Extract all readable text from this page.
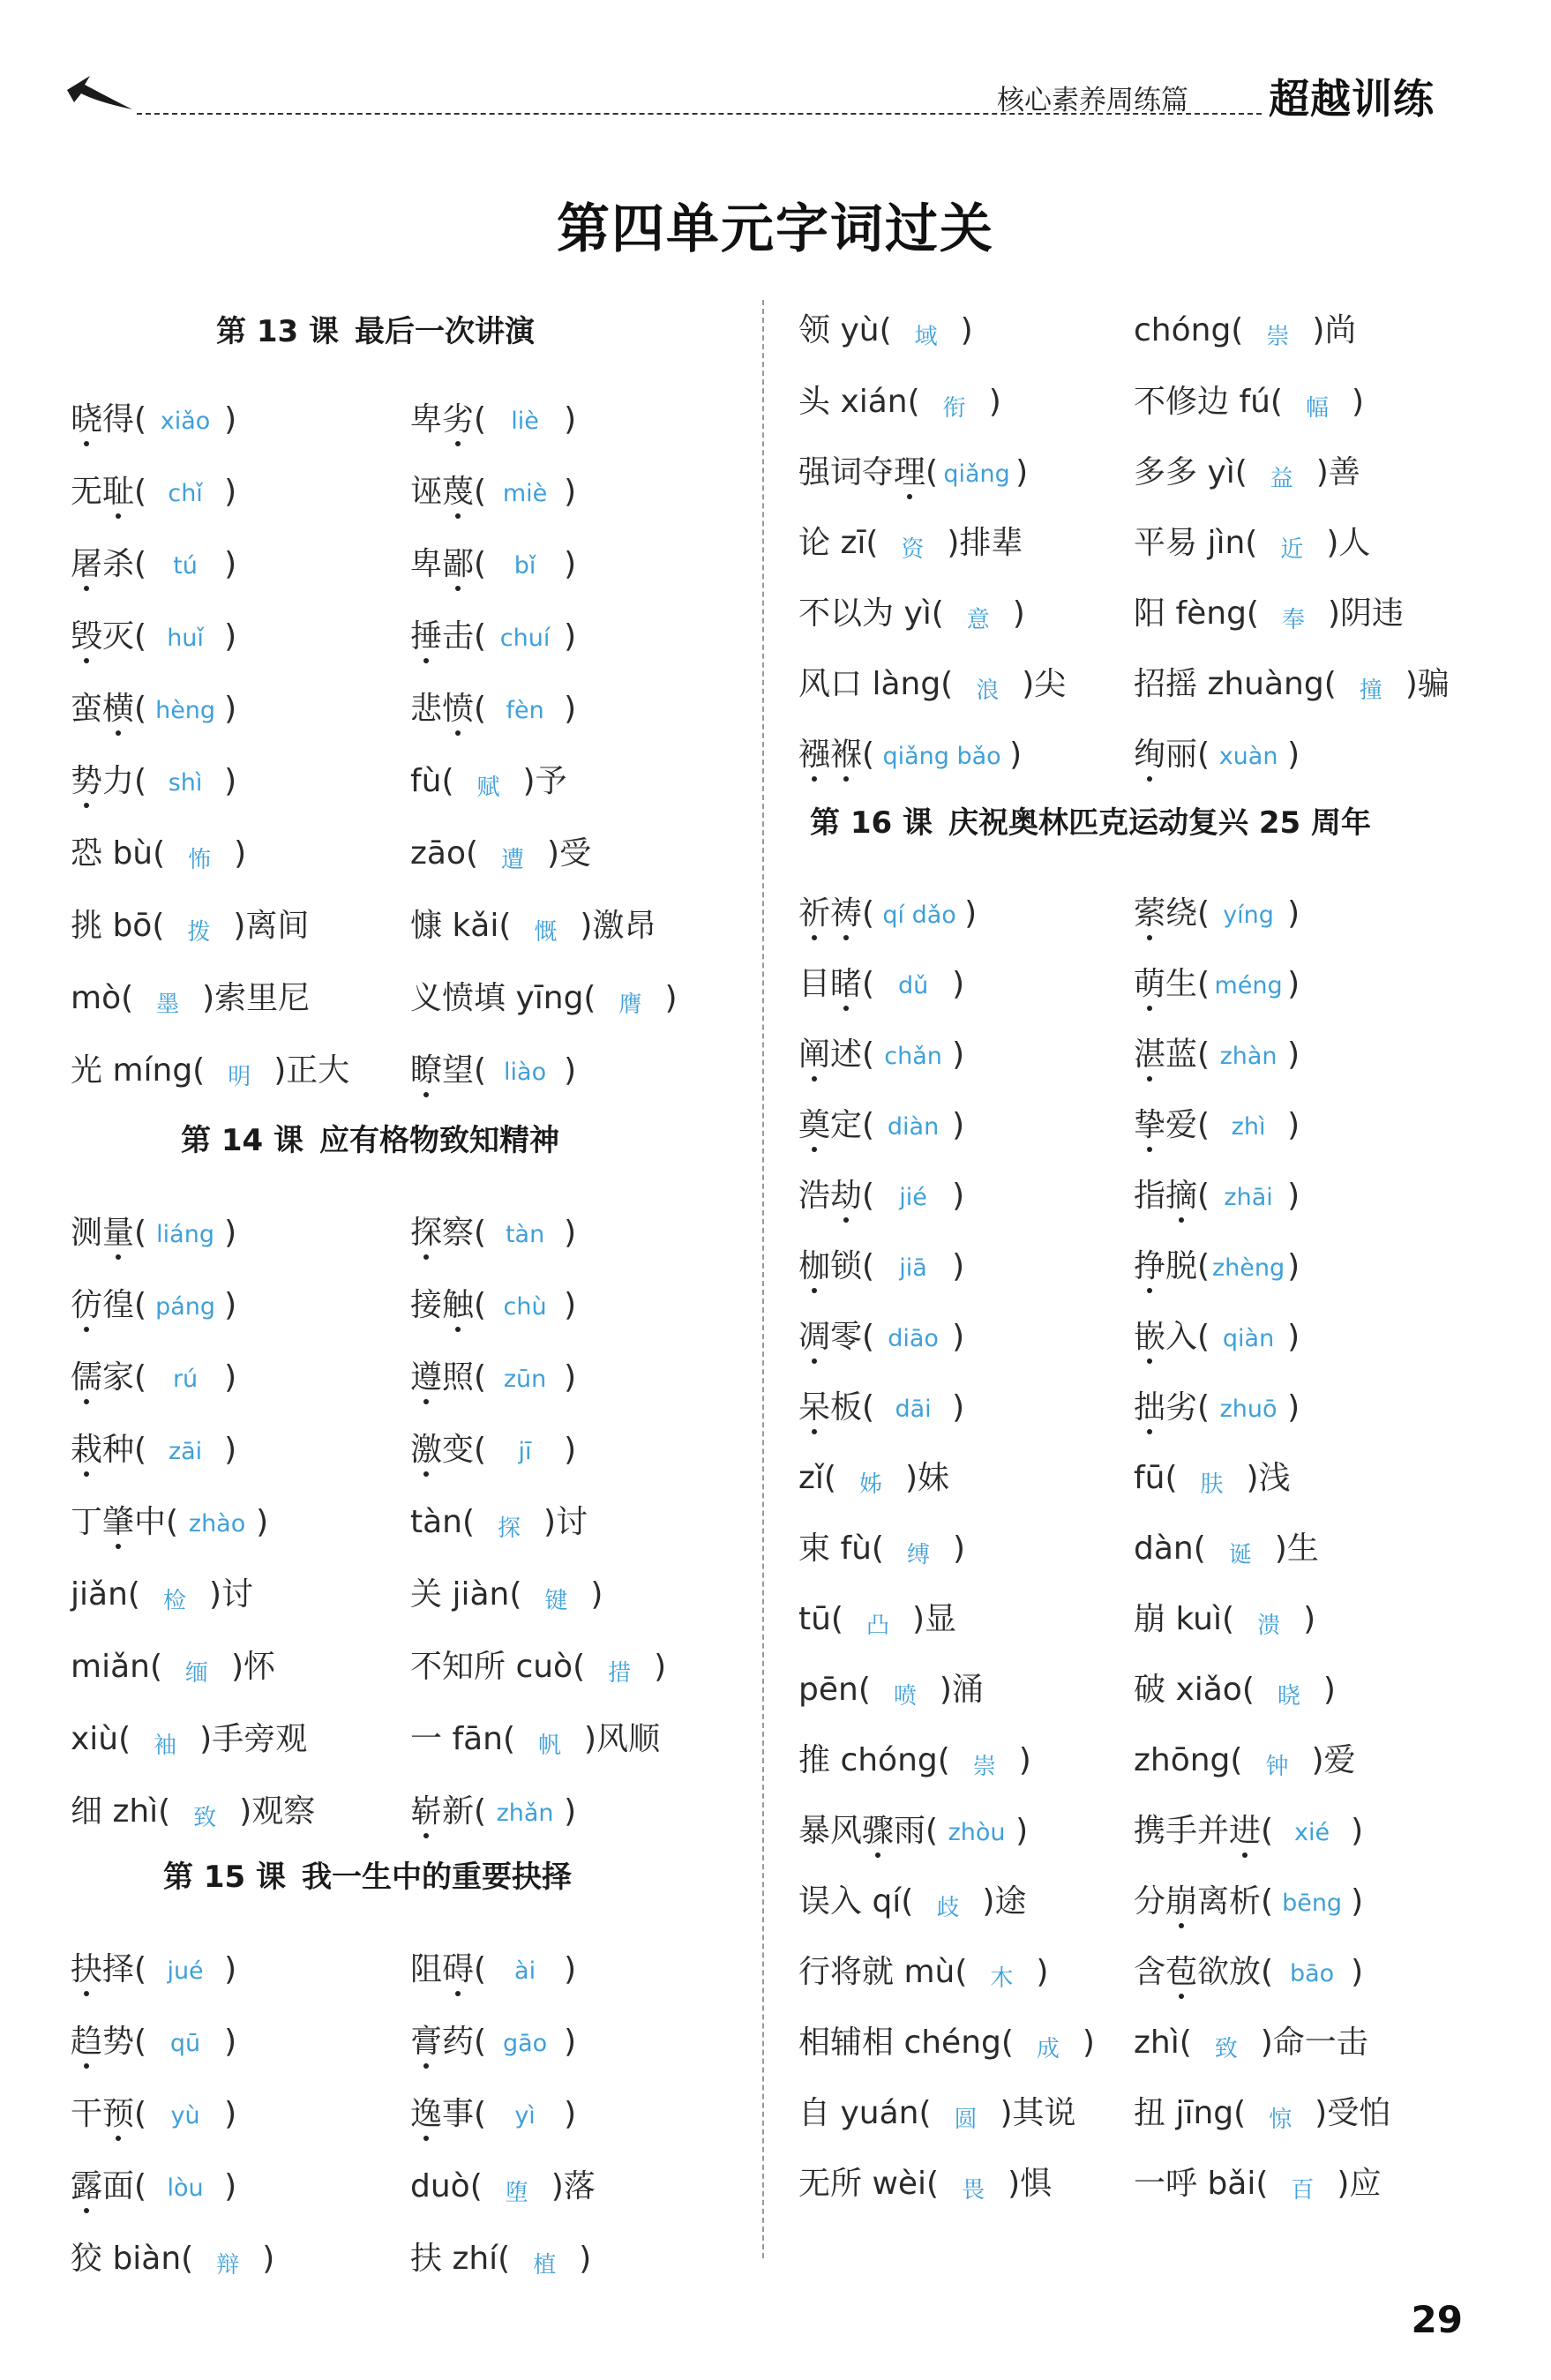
核心素养周练篇 超越训练
第四单元字词过关
第 13 课 最后一次讲演
第 14 课 应有格物致知精神
第 15 课 我一生中的重要抉择
第 16 课 庆祝奥林匹克运动复兴 25 周年
晓得( xiǎo )	卑劣( liè )
无耻( chǐ )	诬蔑( miè )
屠杀( tú )	卑鄙( bǐ )
毁灭( huǐ )	捶击( chuí )
蛮横( hèng )	悲愤( fèn )
势力( shì )	fù( 赋 )予
恐 bù( 怖 )	zāo( 遭 )受
挑 bō( 拨 )离间	慷 kǎi( 慨 )激昂
mò( 墨 )索里尼	义愤填 yīng( 膺 )
光 míng( 明 )正大 瞭望( liào )
测量( liáng )	探察( tàn )
彷徨( páng )	接触( chù )
儒家( rú )	遵照( zūn )
栽种( zāi )	激变( jī )
丁肇中( zhào )	tàn( 探 )讨
jiǎn( 检 )讨	关 jiàn( 键 )
miǎn( 缅 )怀	不知所 cuò( 措 )
xiù( 袖 )手旁观	一 fān( 帆 )风顺
细 zhì( 致 )观察	崭新( zhǎn )
抉择( jué )	阻碍( ài )
趋势( qū )	膏药( gāo )
干预( yù )	逸事( yì )
露面( lòu )	duò( 堕 )落
狡 biàn( 辩 )	扶 zhí( 植 )
领 yù( 域 )	chóng( 崇 )尚
头 xián( 衔 )	不修边 fú( 幅 )
强词夺理( qiǎng )	多多 yì( 益 )善
论 zī( 资 )排辈	平易 jìn( 近 )人
不以为 yì( 意 )	阳 fèng( 奉 )阴违
风口 làng( 浪 )尖 招摇 zhuàng( 撞 )骗
襁褓( qiǎng bǎo )	绚丽( xuàn )
祈祷( qí dǎo )	萦绕( yíng )
目睹( dǔ )	萌生( méng )
阐述( chǎn )	湛蓝( zhàn )
奠定( diàn )	挚爱( zhì )
浩劫( jié )	指摘( zhāi )
枷锁( jiā )	挣脱( zhèng)
凋零( diāo )	嵌入( qiàn )
呆板( dāi )	拙劣( zhuō )
zǐ( 姊 )妹	fū( 肤 )浅
束 fù( 缚 )	dàn( 诞 )生
tū( 凸 )显	崩 kuì( 溃 )
pēn( 喷 )涌	破 xiǎo( 晓 )
推 chóng( 崇 )	zhōng( 钟 )爱
暴风骤雨( zhòu )	携手并进( xié )
误入 qí( 歧 )途	分崩离析( bēng )
行将就 mù( 木 )	含苞欲放( bāo )
相辅相 chéng( 成 ) zhì( 致 )命一击
自 yuán( 圆 )其说 扭 jīng( 惊 )受怕
无所 wèi( 畏 )惧	一呼 bǎi( 百 )应
29
